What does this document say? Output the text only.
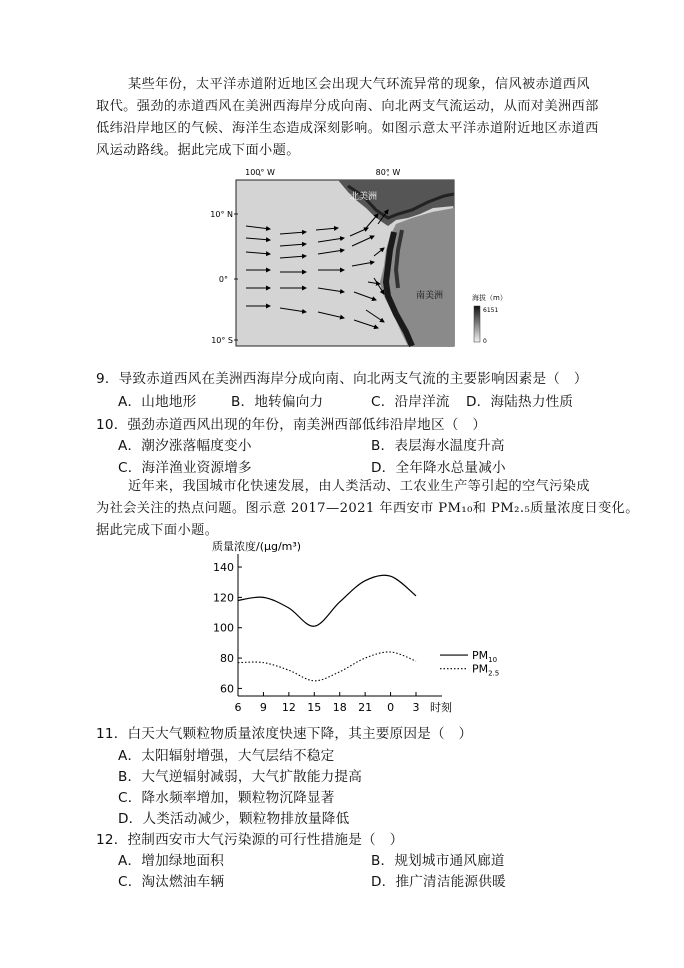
某些年份，太平洋赤道附近地区会出现大气环流异常的现象，信风被赤道西风
取代。强劲的赤道西风在美洲西海岸分成向南、向北两支气流运动，从而对美洲西部
低纬沿岸地区的气候、海洋生态造成深刻影响。如图示意太平洋赤道附近地区赤道西
风运动路线。据此完成下面小题。
100° W	80° W
10° N
0°
10° S
北美洲
南美洲	海拔（m）
6151
0
9．导致赤道西风在美洲西海岸分成向南、向北两支气流的主要影响因素是（　）
A．山地地形	B．地转偏向力	C．沿岸洋流 D．海陆热力性质
10．强劲赤道西风出现的年份，南美洲西部低纬沿岸地区（　）
A．潮汐涨落幅度变小	B．表层海水温度升高
C．海洋渔业资源增多	D．全年降水总量减小
近年来，我国城市化快速发展，由人类活动、工农业生产等引起的空气污染成
为社会关注的热点问题。图示意 2017—2021 年西安市 PM₁₀和 PM₂.₅质量浓度日变化。
据此完成下面小题。
质量浓度/(μg/m³)
60
80
100
120
140
6 9 12 15 18 21 0 3
$PM_{10}$
$PM_{2.5}$
时刻
11．白天大气颗粒物质量浓度快速下降，其主要原因是（　）
A．太阳辐射增强，大气层结不稳定
B．大气逆辐射减弱，大气扩散能力提高
C．降水频率增加，颗粒物沉降显著
D．人类活动减少，颗粒物排放量降低
12．控制西安市大气污染源的可行性措施是（　）
A．增加绿地面积	B．规划城市通风廊道
C．淘汰燃油车辆	D．推广清洁能源供暖
